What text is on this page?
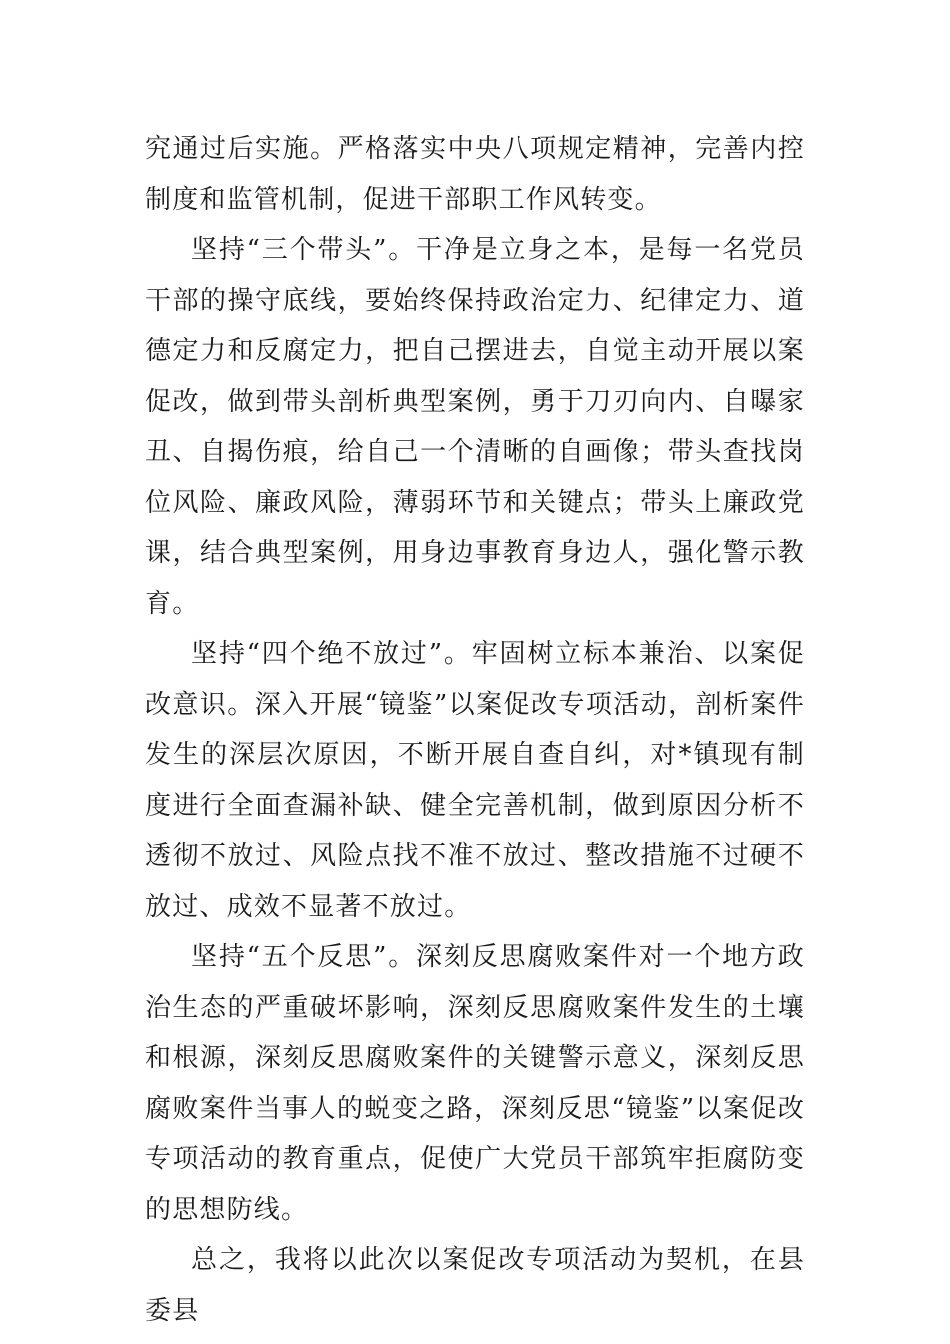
究通过后实施。严格落实中央八项规定精神，完善内控制度和监管机制，促进干部职工作风转变。

坚持“三个带头”。干净是立身之本，是每一名党员干部的操守底线，要始终保持政治定力、纪律定力、道德定力和反腐定力，把自己摆进去，自觉主动开展以案促改，做到带头剖析典型案例，勇于刀刃向内、自曝家丑、自揭伤痕，给自己一个清晰的自画像；带头查找岗位风险、廉政风险，薄弱环节和关键点；带头上廉政党课，结合典型案例，用身边事教育身边人，强化警示教育。

坚持“四个绝不放过”。牢固树立标本兼治、以案促改意识。深入开展“镜鉴”以案促改专项活动，剖析案件发生的深层次原因，不断开展自查自纠，对*镇现有制度进行全面查漏补缺、健全完善机制，做到原因分析不透彻不放过、风险点找不准不放过、整改措施不过硬不放过、成效不显著不放过。

坚持“五个反思”。深刻反思腐败案件对一个地方政治生态的严重破坏影响，深刻反思腐败案件发生的土壤和根源，深刻反思腐败案件的关键警示意义，深刻反思腐败案件当事人的蜕变之路，深刻反思“镜鉴”以案促改专项活动的教育重点，促使广大党员干部筑牢拒腐防变的思想防线。

总之，我将以此次以案促改专项活动为契机，在县委县
